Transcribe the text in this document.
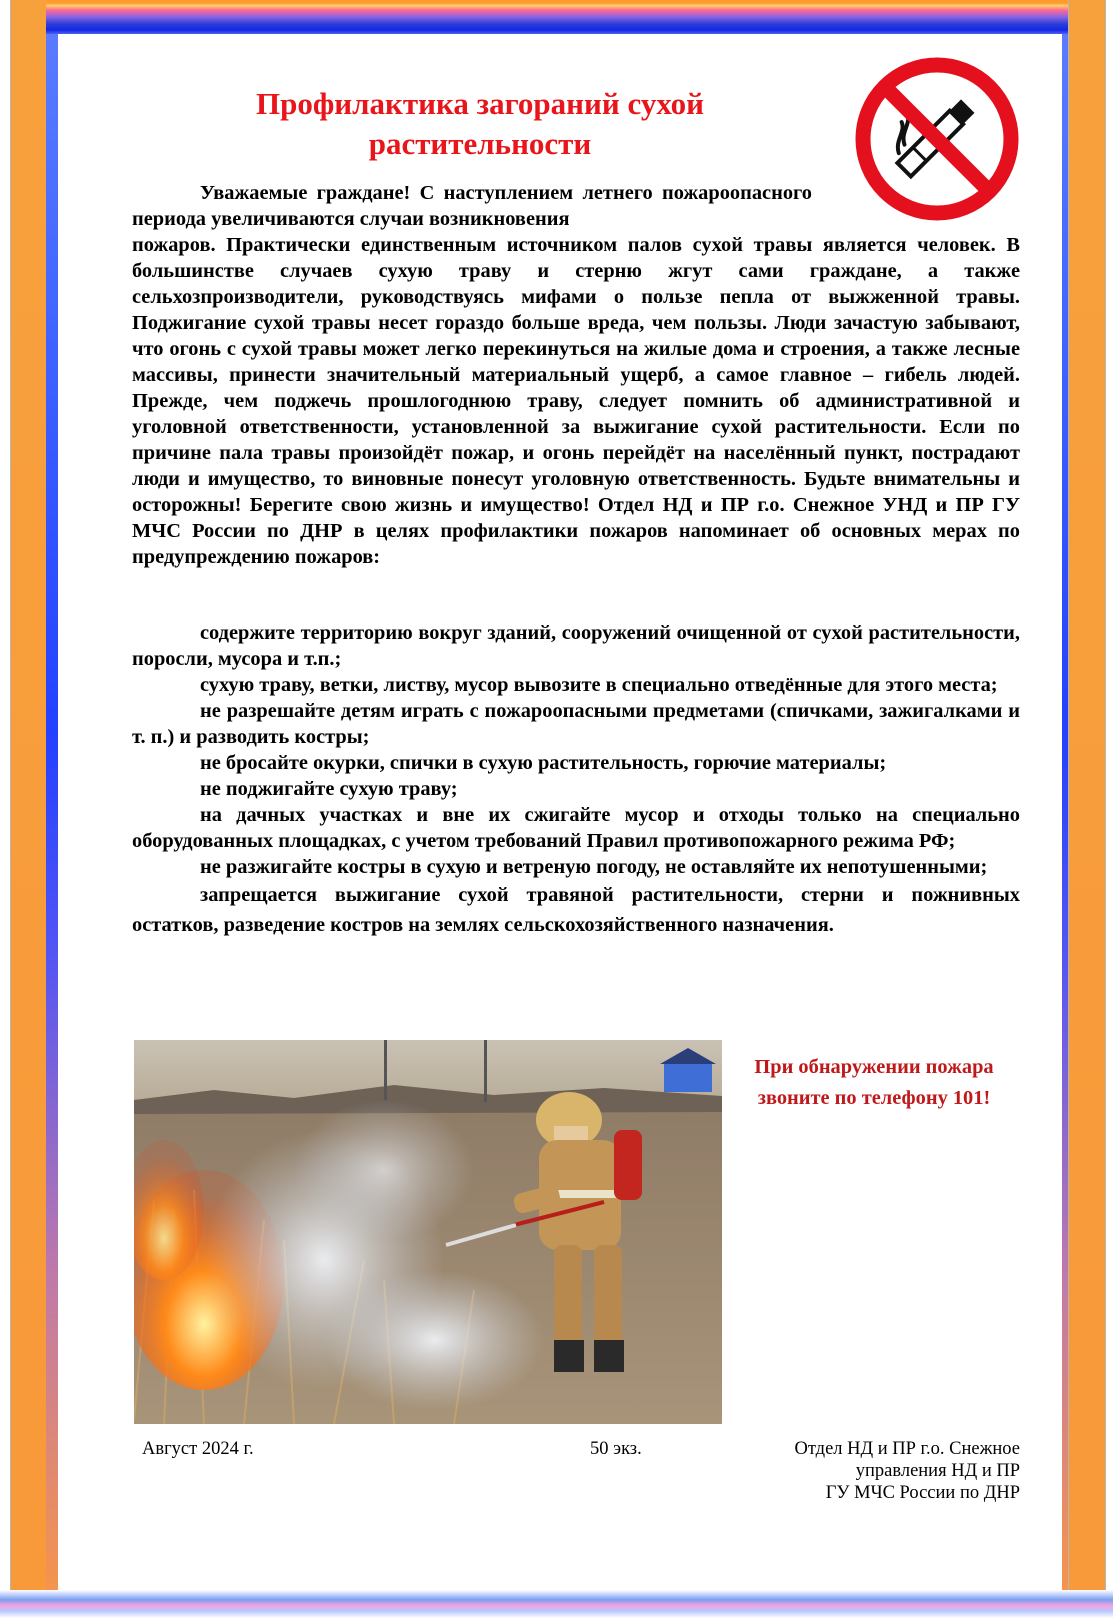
Профилактика загораний сухой растительности
Уважаемые граждане! С наступлением летнего пожароопасного периода увеличиваются случаи возникновения
пожаров. Практически единственным источником палов сухой травы является человек. В большинстве случаев сухую траву и стерню жгут сами граждане, а также сельхозпроизводители, руководствуясь мифами о пользе пепла от выжженной травы. Поджигание сухой травы несет гораздо больше вреда, чем пользы. Люди зачастую забывают, что огонь с сухой травы может легко перекинуться на жилые дома и строения, а также лесные массивы, принести значительный материальный ущерб, а самое главное – гибель людей. Прежде, чем поджечь прошлогоднюю траву, следует помнить об административной и уголовной ответственности, установленной за выжигание сухой растительности. Если по причине пала травы произойдёт пожар, и огонь перейдёт на населённый пункт, пострадают люди и имущество, то виновные понесут уголовную ответственность. Будьте внимательны и осторожны! Берегите свою жизнь и имущество! Отдел НД и ПР г.о. Снежное УНД и ПР ГУ МЧС России по ДНР в целях профилактики пожаров напоминает об основных мерах по предупреждению пожаров:

содержите территорию вокруг зданий, сооружений очищенной от сухой растительности, поросли, мусора и т.п.;

сухую траву, ветки, листву, мусор вывозите в специально отведённые для этого места;

не разрешайте детям играть с пожароопасными предметами (спичками, зажигалками и т. п.) и разводить костры;

не бросайте окурки, спички в сухую растительность, горючие материалы;

не поджигайте сухую траву;

на дачных участках и вне их сжигайте мусор и отходы только на специально оборудованных площадках, с учетом требований Правил противопожарного режима РФ;

не разжигайте костры в сухую и ветреную погоду, не оставляйте их непотушенными;

запрещается выжигание сухой травяной растительности, стерни и пожнивных остатков, разведение костров на землях сельскохозяйственного назначения.

При обнаружении пожара
звоните по телефону 101!

Август 2024 г.	50 экз.	Отдел НД и ПР г.о. Снежное
управления НД и ПР
ГУ МЧС России по ДНР
